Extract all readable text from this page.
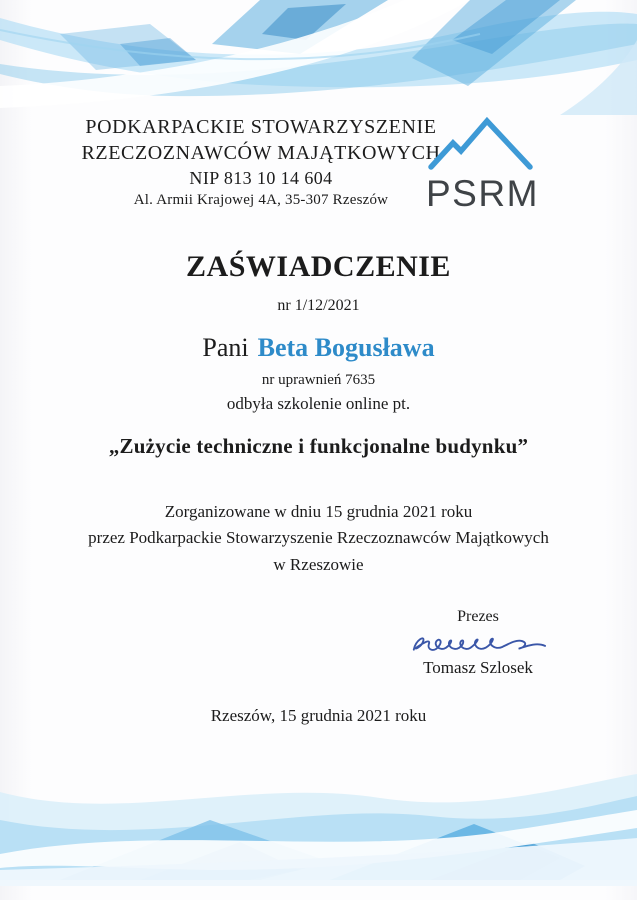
PODKARPACKIE STOWARZYSZENIE
RZECZOZNAWCÓW MAJĄTKOWYCH
NIP 813 10 14 604
Al. Armii Krajowej 4A, 35-307 Rzeszów	PSRM
ZAŚWIADCZENIE
nr 1/12/2021
Pani Beta Bogusława
nr uprawnień 7635
odbyła szkolenie online pt.
„Zużycie techniczne i funkcjonalne budynku”
Zorganizowane w dniu 15 grudnia 2021 roku
przez Podkarpackie Stowarzyszenie Rzeczoznawców Majątkowych
w Rzeszowie
Prezes
Tomasz Szlosek
Rzeszów, 15 grudnia 2021 roku
